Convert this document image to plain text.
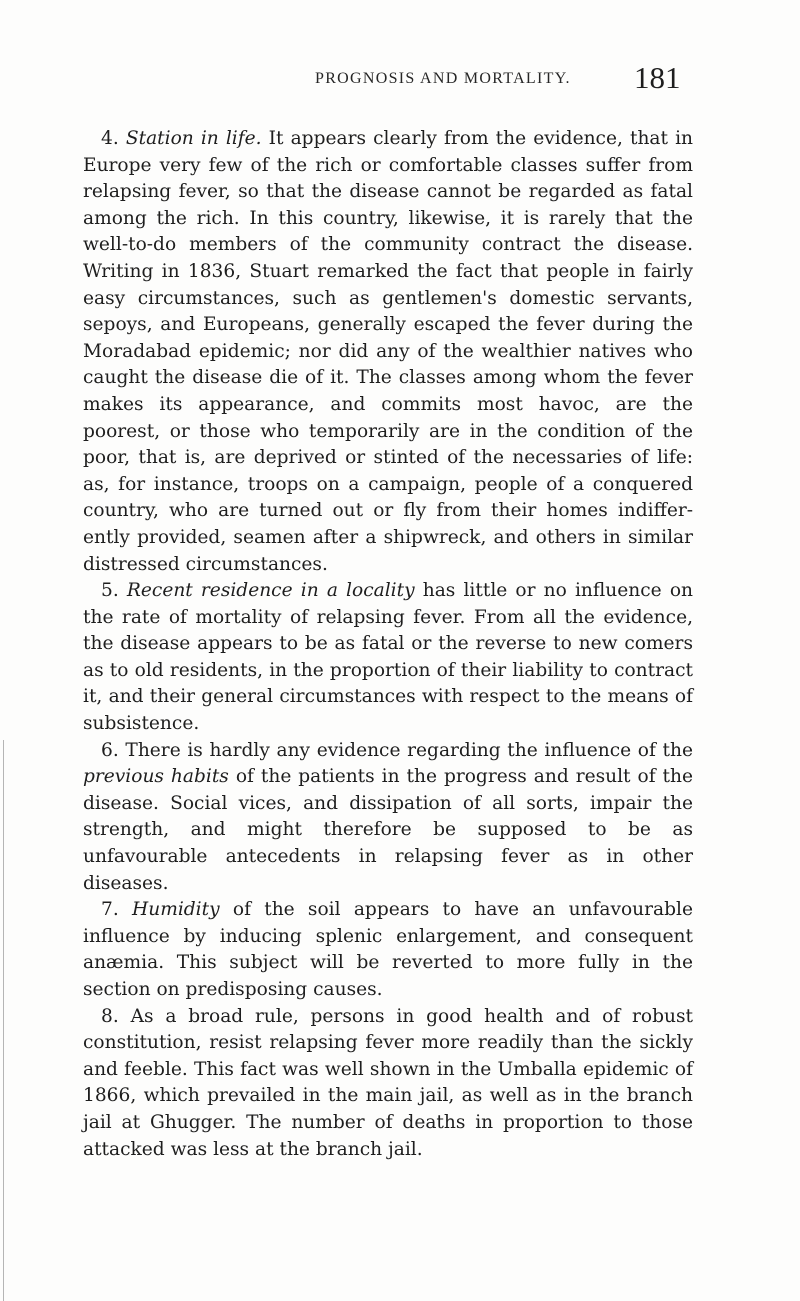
PROGNOSIS AND MORTALITY. 181

4. Station in life. It appears clearly from the evidence, that in Europe very few of the rich or comfortable classes suffer from relapsing fever, so that the disease cannot be regarded as fatal among the rich. In this country, likewise, it is rarely that the well-to-do members of the community contract the disease. Writing in 1836, Stuart remarked the fact that people in fairly easy circumstances, such as gentlemen's domestic servants, sepoys, and Europeans, generally escaped the fever during the Moradabad epidemic; nor did any of the wealthier natives who caught the disease die of it. The classes among whom the fever makes its appearance, and commits most havoc, are the poorest, or those who temporarily are in the condition of the poor, that is, are deprived or stinted of the necessaries of life: as, for instance, troops on a campaign, people of a conquered country, who are turned out or fly from their homes indiffer-ently provided, seamen after a shipwreck, and others in similar distressed circumstances.

5. Recent residence in a locality has little or no influence on the rate of mortality of relapsing fever. From all the evidence, the disease appears to be as fatal or the reverse to new comers as to old residents, in the proportion of their liability to contract it, and their general circumstances with respect to the means of subsistence.

6. There is hardly any evidence regarding the influence of the previous habits of the patients in the progress and result of the disease. Social vices, and dissipation of all sorts, impair the strength, and might therefore be supposed to be as unfavourable antecedents in relapsing fever as in other diseases.

7. Humidity of the soil appears to have an unfavourable influence by inducing splenic enlargement, and consequent anæmia. This subject will be reverted to more fully in the section on predisposing causes.

8. As a broad rule, persons in good health and of robust constitution, resist relapsing fever more readily than the sickly and feeble. This fact was well shown in the Umballa epidemic of 1866, which prevailed in the main jail, as well as in the branch jail at Ghugger. The number of deaths in proportion to those attacked was less at the branch jail.
